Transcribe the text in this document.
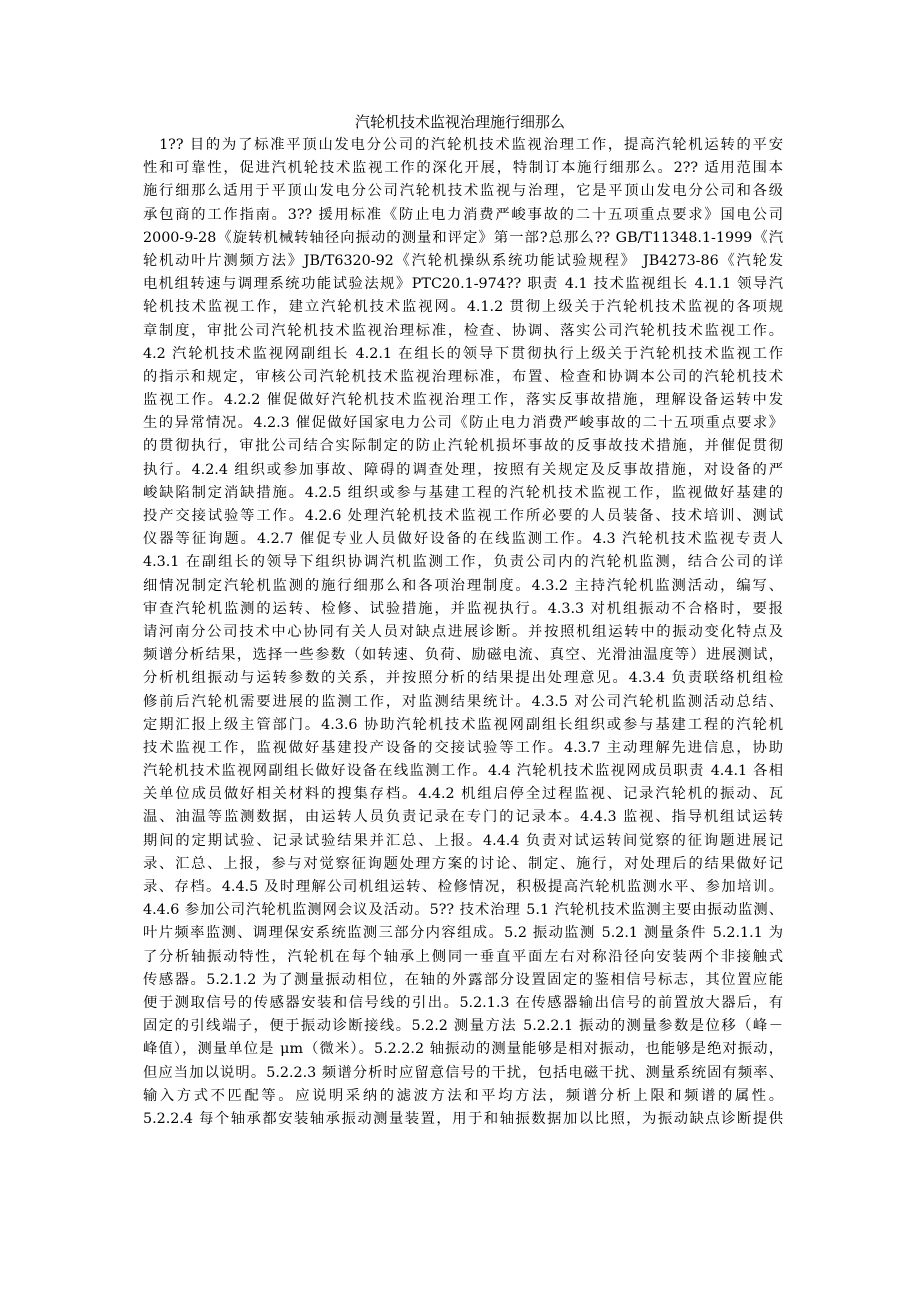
汽轮机技术监视治理施行细那么
　1?? 目的为了标准平顶山发电分公司的汽轮机技术监视治理工作，提高汽轮机运转的平安
性和可靠性，促进汽机轮技术监视工作的深化开展，特制订本施行细那么。2?? 适用范围本
施行细那么适用于平顶山发电分公司汽轮机技术监视与治理，它是平顶山发电分公司和各级
承包商的工作指南。3?? 援用标准《防止电力消费严峻事故的二十五项重点要求》国电公司
2000-9-28《旋转机械转轴径向振动的测量和评定》第一部?总那么?? GB/T11348.1-1999《汽
轮机动叶片测频方法》JB/T6320-92《汽轮机操纵系统功能试验规程》 JB4273-86《汽轮发
电机组转速与调理系统功能试验法规》PTC20.1-974?? 职责 4.1 技术监视组长 4.1.1 领导汽
轮机技术监视工作，建立汽轮机技术监视网。4.1.2 贯彻上级关于汽轮机技术监视的各项规
章制度，审批公司汽轮机技术监视治理标准，检查、协调、落实公司汽轮机技术监视工作。
4.2 汽轮机技术监视网副组长 4.2.1 在组长的领导下贯彻执行上级关于汽轮机技术监视工作
的指示和规定，审核公司汽轮机技术监视治理标准，布置、检查和协调本公司的汽轮机技术
监视工作。4.2.2 催促做好汽轮机技术监视治理工作，落实反事故措施，理解设备运转中发
生的异常情况。4.2.3 催促做好国家电力公司《防止电力消费严峻事故的二十五项重点要求》
的贯彻执行，审批公司结合实际制定的防止汽轮机损坏事故的反事故技术措施，并催促贯彻
执行。4.2.4 组织或参加事故、障碍的调查处理，按照有关规定及反事故措施，对设备的严
峻缺陷制定消缺措施。4.2.5 组织或参与基建工程的汽轮机技术监视工作，监视做好基建的
投产交接试验等工作。4.2.6 处理汽轮机技术监视工作所必要的人员装备、技术培训、测试
仪器等征询题。4.2.7 催促专业人员做好设备的在线监测工作。4.3 汽轮机技术监视专责人
4.3.1 在副组长的领导下组织协调汽机监测工作，负责公司内的汽轮机监测，结合公司的详
细情况制定汽轮机监测的施行细那么和各项治理制度。4.3.2 主持汽轮机监测活动，编写、
审查汽轮机监测的运转、检修、试验措施，并监视执行。4.3.3 对机组振动不合格时，要报
请河南分公司技术中心协同有关人员对缺点进展诊断。并按照机组运转中的振动变化特点及
频谱分析结果，选择一些参数（如转速、负荷、励磁电流、真空、光滑油温度等）进展测试，
分析机组振动与运转参数的关系，并按照分析的结果提出处理意见。4.3.4 负责联络机组检
修前后汽轮机需要进展的监测工作，对监测结果统计。4.3.5 对公司汽轮机监测活动总结、
定期汇报上级主管部门。4.3.6 协助汽轮机技术监视网副组长组织或参与基建工程的汽轮机
技术监视工作，监视做好基建投产设备的交接试验等工作。4.3.7 主动理解先进信息，协助
汽轮机技术监视网副组长做好设备在线监测工作。4.4 汽轮机技术监视网成员职责 4.4.1 各相
关单位成员做好相关材料的搜集存档。4.4.2 机组启停全过程监视、记录汽轮机的振动、瓦
温、油温等监测数据，由运转人员负责记录在专门的记录本。4.4.3 监视、指导机组试运转
期间的定期试验、记录试验结果并汇总、上报。4.4.4 负责对试运转间觉察的征询题进展记
录、汇总、上报，参与对觉察征询题处理方案的讨论、制定、施行，对处理后的结果做好记
录、存档。4.4.5 及时理解公司机组运转、检修情况，积极提高汽轮机监测水平、参加培训。
4.4.6 参加公司汽轮机监测网会议及活动。5?? 技术治理 5.1 汽轮机技术监测主要由振动监测、
叶片频率监测、调理保安系统监测三部分内容组成。5.2 振动监测 5.2.1 测量条件 5.2.1.1 为
了分析轴振动特性，汽轮机在每个轴承上侧同一垂直平面左右对称沿径向安装两个非接触式
传感器。5.2.1.2 为了测量振动相位，在轴的外露部分设置固定的鉴相信号标志，其位置应能
便于测取信号的传感器安装和信号线的引出。5.2.1.3 在传感器输出信号的前置放大器后，有
固定的引线端子，便于振动诊断接线。5.2.2 测量方法 5.2.2.1 振动的测量参数是位移（峰－
峰值），测量单位是 μm（微米）。5.2.2.2 轴振动的测量能够是相对振动，也能够是绝对振动，
但应当加以说明。5.2.2.3 频谱分析时应留意信号的干扰，包括电磁干扰、测量系统固有频率、
输入方式不匹配等。应说明采纳的滤波方法和平均方法，频谱分析上限和频谱的属性。
5.2.2.4 每个轴承都安装轴承振动测量装置，用于和轴振数据加以比照，为振动缺点诊断提供
